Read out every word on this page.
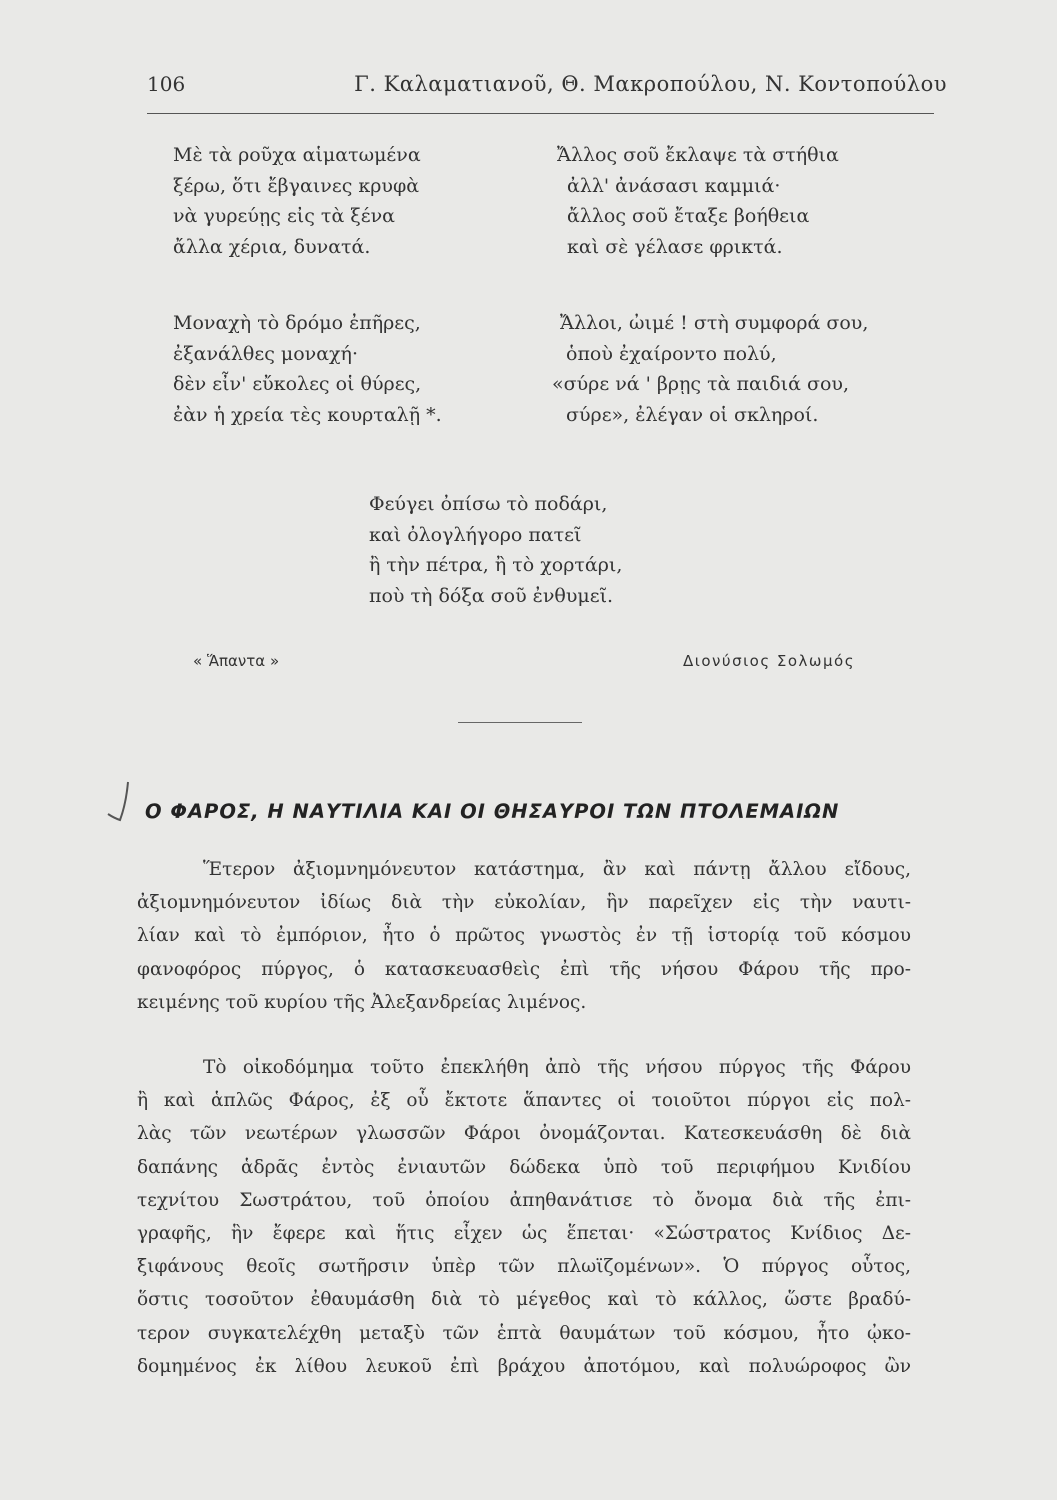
106	Γ. Καλαματιανοῦ, Θ. Μακροπούλου, Ν. Κοντοπούλου
Μὲ τὰ ροῦχα αἱματωμένα
ξέρω, ὅτι ἔβγαινες κρυφὰ
νὰ γυρεύῃς εἰς τὰ ξένα
ἄλλα χέρια, δυνατά.
Μοναχὴ τὸ δρόμο ἐπῆρες,
ἐξανάλθες μοναχή·
δὲν εἶν' εὔκολες οἱ θύρες,
ἐὰν ἡ χρεία τὲς κουρταλῇ *.
Ἄλλος σοῦ ἔκλαψε τὰ στήθια
ἀλλ' ἀνάσασι καμμιά·
ἄλλος σοῦ ἔταξε βοήθεια
καὶ σὲ γέλασε φρικτά.
Ἄλλοι, ὠιμέ ! στὴ συμφορά σου,
ὁποὺ ἐχαίροντο πολύ,
«σύρε νά ' βρῃς τὰ παιδιά σου,
σύρε», ἐλέγαν οἱ σκληροί.
Φεύγει ὀπίσω τὸ ποδάρι,
καὶ ὀλογλήγορο πατεῖ
ἢ τὴν πέτρα, ἢ τὸ χορτάρι,
ποὺ τὴ δόξα σοῦ ἐνθυμεῖ.
« Ἅπαντα »	Διονύσιος Σολωμός
Ο ΦΑΡΟΣ, Η ΝΑΥΤΙΛΙΑ ΚΑΙ ΟΙ ΘΗΣΑΥΡΟΙ ΤΩΝ ΠΤΟΛΕΜΑΙΩΝ
Ἕτερον ἀξιομνημόνευτον κατάστημα, ἂν καὶ πάντῃ ἄλλου εἴδους,
ἀξιομνημόνευτον ἰδίως διὰ τὴν εὐκολίαν, ἣν παρεῖχεν εἰς τὴν ναυτι-
λίαν καὶ τὸ ἐμπόριον, ἦτο ὁ πρῶτος γνωστὸς ἐν τῇ ἱστορίᾳ τοῦ κόσμου
φανοφόρος πύργος, ὁ κατασκευασθεὶς ἐπὶ τῆς νήσου Φάρου τῆς προ-
κειμένης τοῦ κυρίου τῆς Ἀλεξανδρείας λιμένος.
Τὸ οἰκοδόμημα τοῦτο ἐπεκλήθη ἀπὸ τῆς νήσου πύργος τῆς Φάρου
ἢ καὶ ἁπλῶς Φάρος, ἐξ οὗ ἔκτοτε ἅπαντες οἱ τοιοῦτοι πύργοι εἰς πολ-
λὰς τῶν νεωτέρων γλωσσῶν Φάροι ὀνομάζονται. Κατεσκευάσθη δὲ διὰ
δαπάνης ἁδρᾶς ἐντὸς ἐνιαυτῶν δώδεκα ὑπὸ τοῦ περιφήμου Κνιδίου
τεχνίτου Σωστράτου, τοῦ ὁποίου ἀπηθανάτισε τὸ ὄνομα διὰ τῆς ἐπι-
γραφῆς, ἣν ἔφερε καὶ ἥτις εἶχεν ὡς ἕπεται· «Σώστρατος Κνίδιος Δε-
ξιφάνους θεοῖς σωτῆρσιν ὑπὲρ τῶν πλωϊζομένων». Ὁ πύργος οὗτος,
ὅστις τοσοῦτον ἐθαυμάσθη διὰ τὸ μέγεθος καὶ τὸ κάλλος, ὥστε βραδύ-
τερον συγκατελέχθη μεταξὺ τῶν ἑπτὰ θαυμάτων τοῦ κόσμου, ἦτο ᾠκο-
δομημένος ἐκ λίθου λευκοῦ ἐπὶ βράχου ἀποτόμου, καὶ πολυώροφος ὢν
